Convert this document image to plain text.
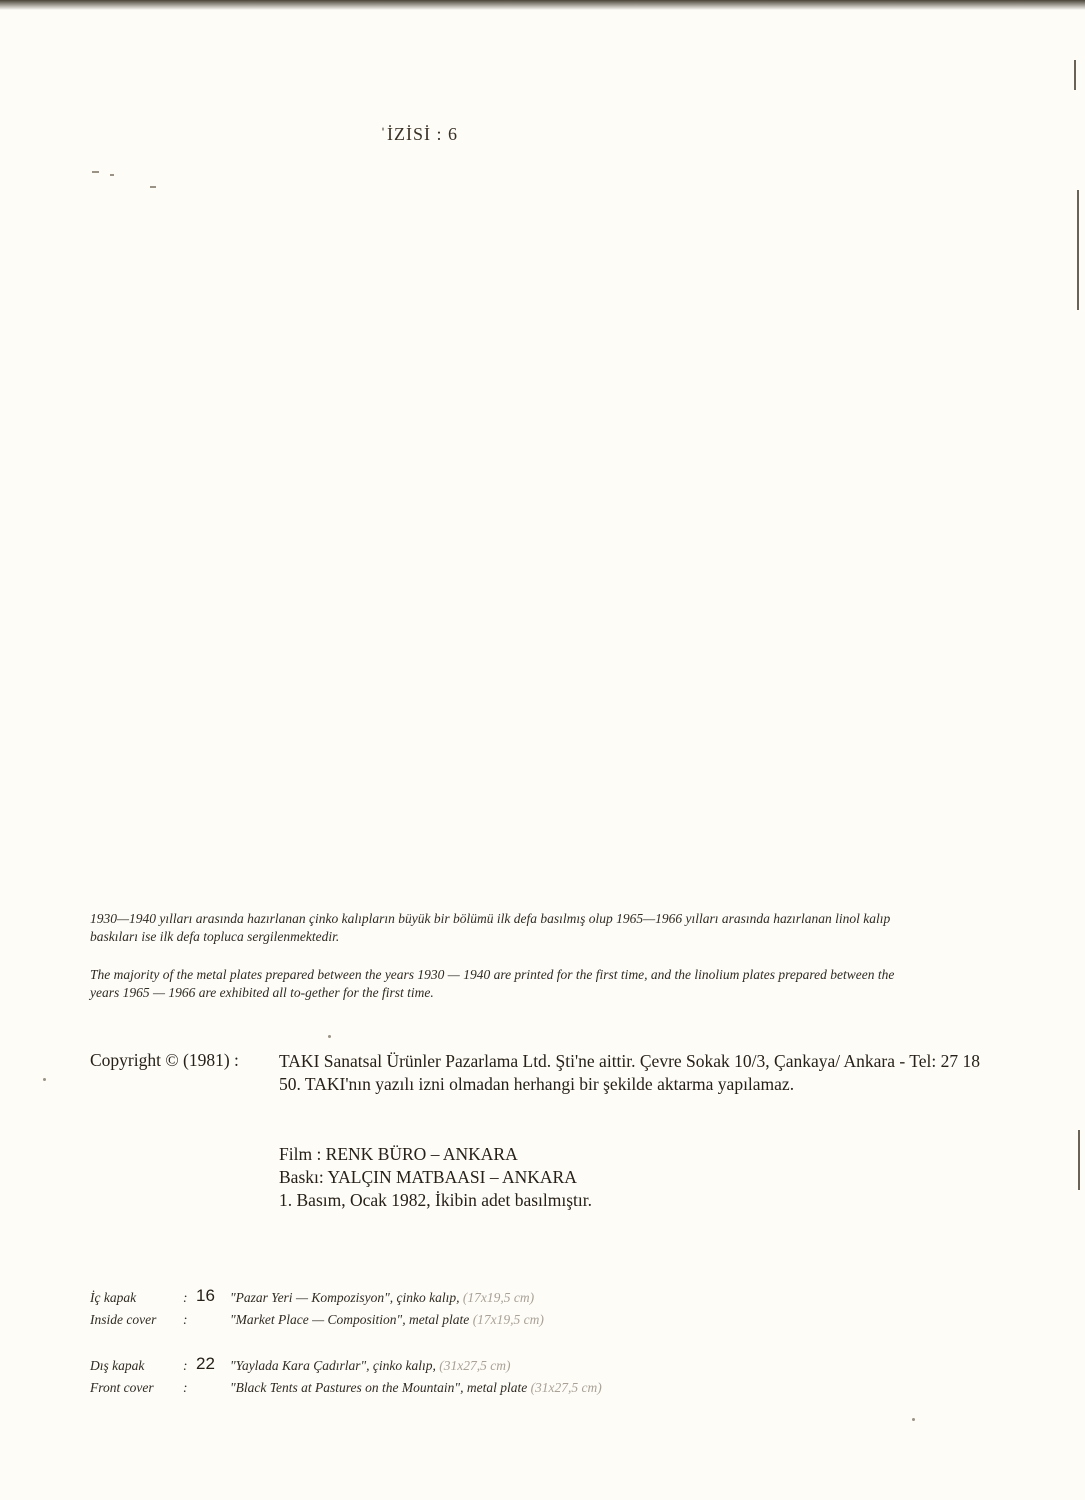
ˈİZİSİ : 6

1930—1940 yılları arasında hazırlanan çinko kalıpların büyük bir bölümü ilk defa basılmış olup 1965—1966 yılları arasında hazırlanan linol kalıp baskıları ise ilk defa topluca sergilenmektedir.

The majority of the metal plates prepared between the years 1930 — 1940 are printed for the first time, and the linolium plates prepared between the years 1965 — 1966 are exhibited all to-gether for the first time.

Copyright © (1981) : TAKI Sanatsal Ürünler Pazarlama Ltd. Şti'ne aittir. Çevre Sokak 10/3, Çankaya/ Ankara - Tel: 27 18 50. TAKI'nın yazılı izni olmadan herhangi bir şekilde aktarma yapılamaz.
Film : RENK BÜRO – ANKARA
Baskı: YALÇIN MATBAASI – ANKARA
1. Basım, Ocak 1982, İkibin adet basılmıştır.
İç kapak	: 16 "Pazar Yeri — Kompozisyon", çinko kalıp, (17x19,5 cm)
Inside cover :	"Market Place — Composition", metal plate (17x19,5 cm)
Dış kapak	: 22 "Yaylada Kara Çadırlar", çinko kalıp, (31x27,5 cm)
Front cover :	"Black Tents at Pastures on the Mountain", metal plate (31x27,5 cm)
